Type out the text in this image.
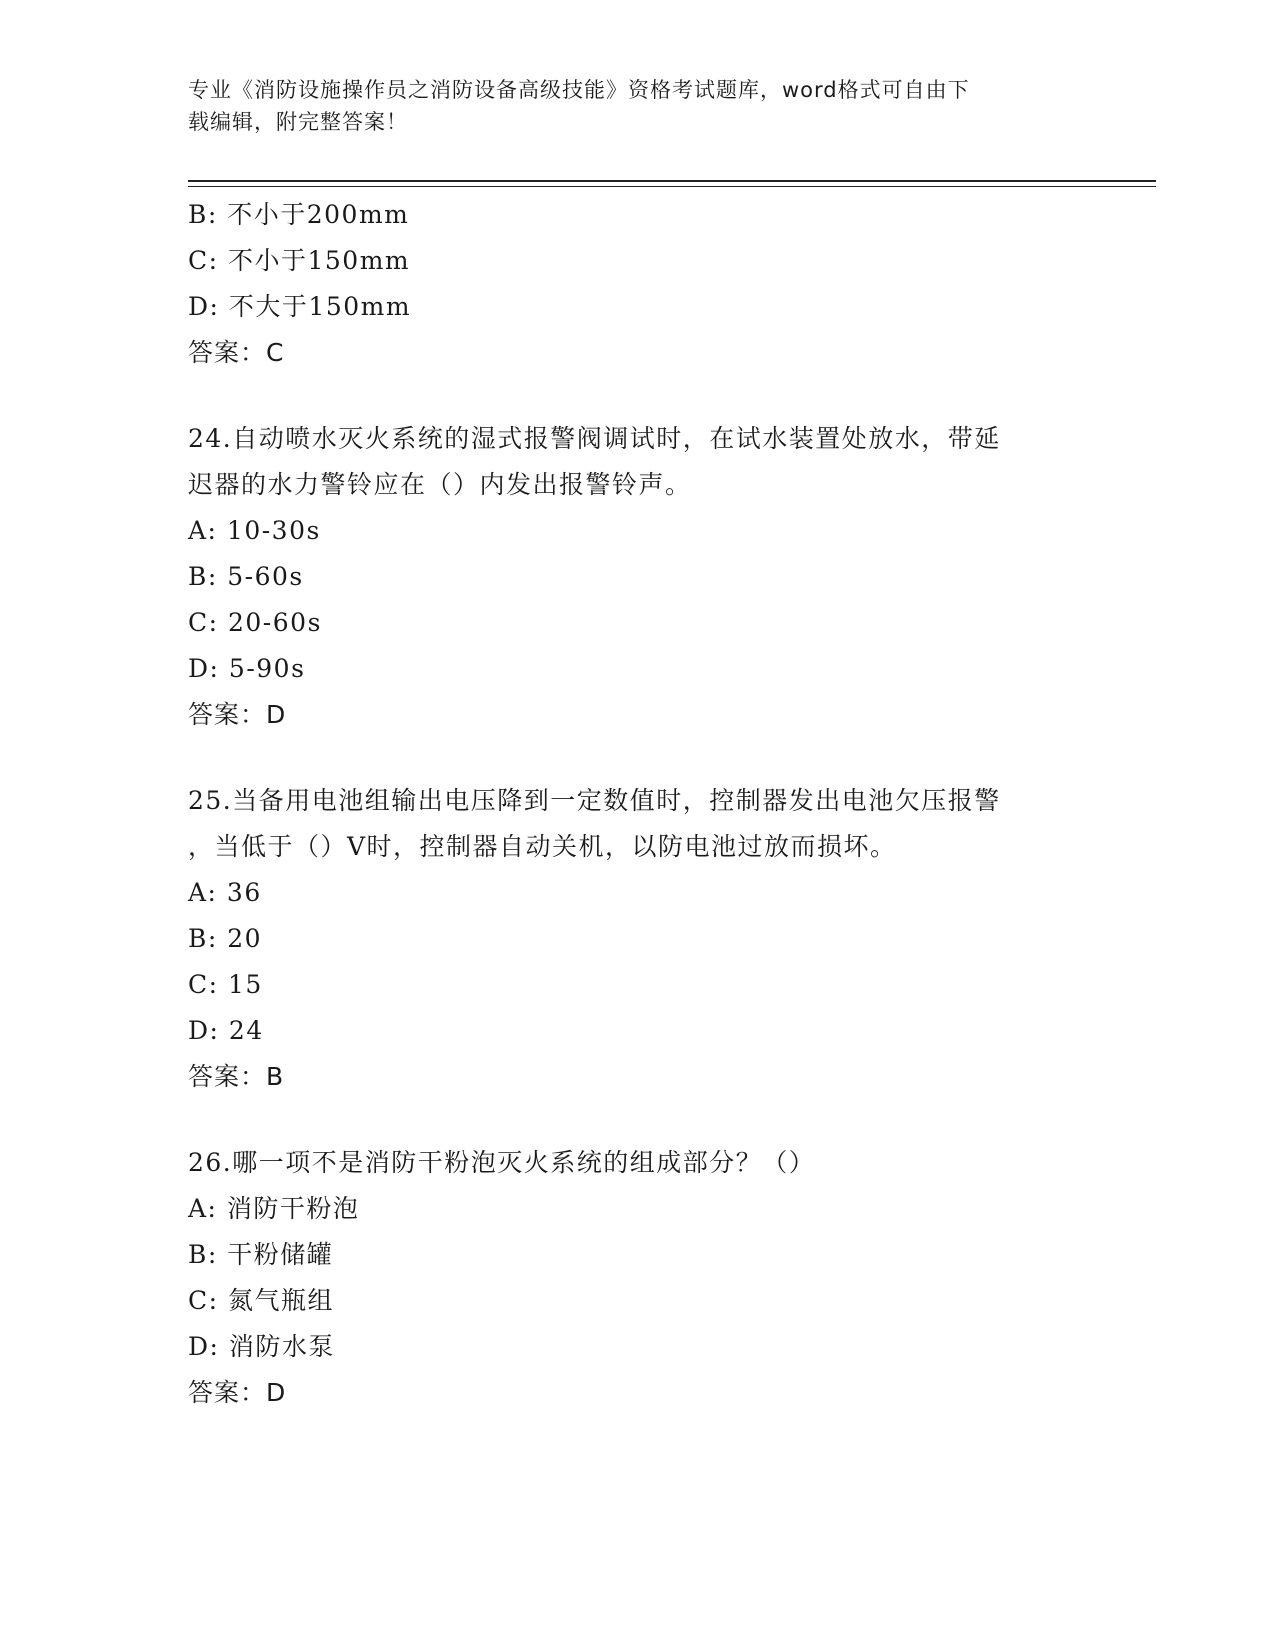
专业《消防设施操作员之消防设备高级技能》资格考试题库，word格式可自由下
载编辑，附完整答案！
B: 不小于200mm
C: 不小于150mm
D: 不大于150mm
答案：C
24.自动喷水灭火系统的湿式报警阀调试时，在试水装置处放水，带延
迟器的水力警铃应在（）内发出报警铃声。
A: 10-30s
B: 5-60s
C: 20-60s
D: 5-90s
答案：D
25.当备用电池组输出电压降到一定数值时，控制器发出电池欠压报警
，当低于（）V时，控制器自动关机，以防电池过放而损坏。
A: 36
B: 20
C: 15
D: 24
答案：B
26.哪一项不是消防干粉泡灭火系统的组成部分？（）
A: 消防干粉泡
B: 干粉储罐
C: 氮气瓶组
D: 消防水泵
答案：D
